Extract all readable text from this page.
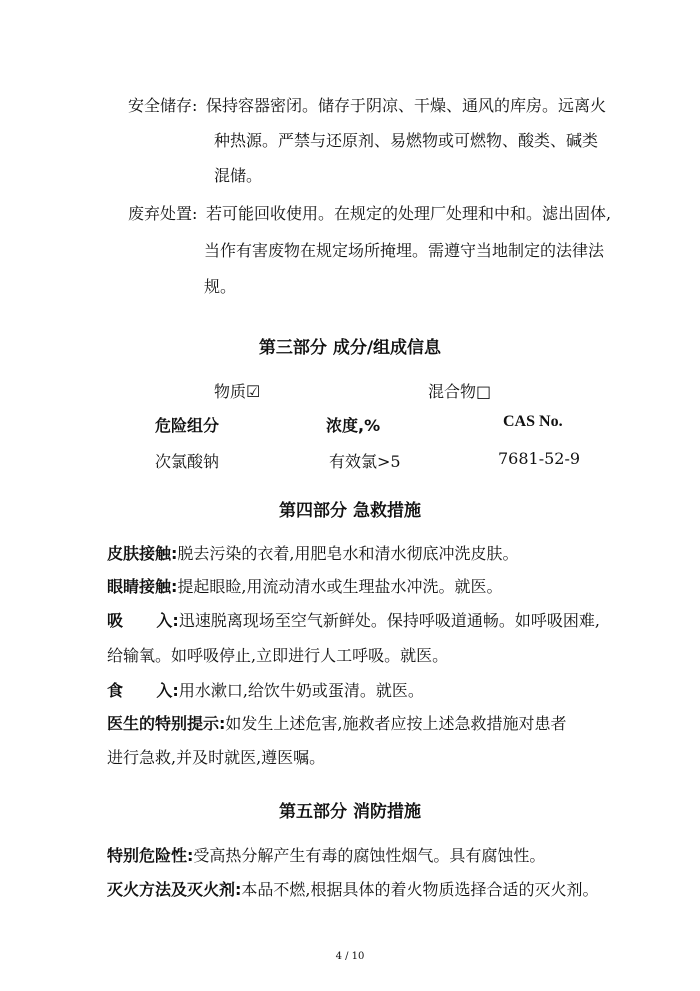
安全储存: 保持容器密闭。储存于阴凉、干燥、通风的库房。远离火
种热源。严禁与还原剂、易燃物或可燃物、酸类、碱类
混储。
废弃处置: 若可能回收使用。在规定的处理厂处理和中和。滤出固体,
当作有害废物在规定场所掩埋。需遵守当地制定的法律法
规。
第三部分 成分/组成信息
物质☑	混合物□
危险组分	浓度,%	CAS No.
次氯酸钠	有效氯>5	7681-52-9
第四部分 急救措施
皮肤接触:脱去污染的衣着,用肥皂水和清水彻底冲洗皮肤。
眼睛接触:提起眼睑,用流动清水或生理盐水冲洗。就医。
吸      入:迅速脱离现场至空气新鲜处。保持呼吸道通畅。如呼吸困难,
给输氧。如呼吸停止,立即进行人工呼吸。就医。
食      入:用水漱口,给饮牛奶或蛋清。就医。
医生的特别提示:如发生上述危害,施救者应按上述急救措施对患者
进行急救,并及时就医,遵医嘱。
第五部分 消防措施
特别危险性:受高热分解产生有毒的腐蚀性烟气。具有腐蚀性。
灭火方法及灭火剂:本品不燃,根据具体的着火物质选择合适的灭火剂。
4 / 10
